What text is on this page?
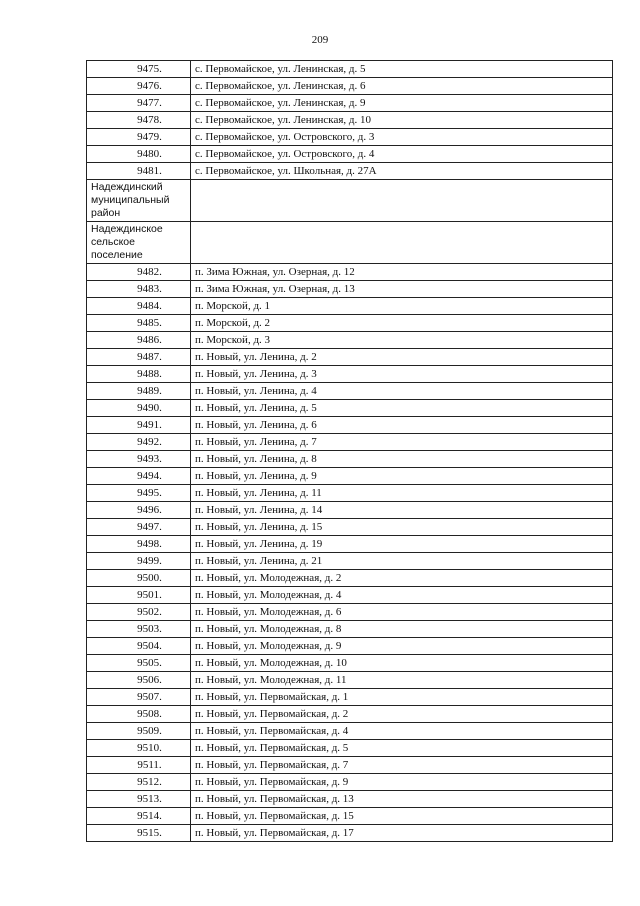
209
9475.	с. Первомайское, ул. Ленинская, д. 5
9476.	с. Первомайское, ул. Ленинская, д. 6
9477.	с. Первомайское, ул. Ленинская, д. 9
9478.	с. Первомайское, ул. Ленинская, д. 10
9479.	с. Первомайское, ул. Островского, д. 3
9480.	с. Первомайское, ул. Островского, д. 4
9481.	с. Первомайское, ул. Школьная, д. 27А
Надеждинский муниципальный район	
Надеждинское сельское поселение	
9482.	п. Зима Южная, ул. Озерная, д. 12
9483.	п. Зима Южная, ул. Озерная, д. 13
9484.	п. Морской, д. 1
9485.	п. Морской, д. 2
9486.	п. Морской, д. 3
9487.	п. Новый, ул. Ленина, д. 2
9488.	п. Новый, ул. Ленина, д. 3
9489.	п. Новый, ул. Ленина, д. 4
9490.	п. Новый, ул. Ленина, д. 5
9491.	п. Новый, ул. Ленина, д. 6
9492.	п. Новый, ул. Ленина, д. 7
9493.	п. Новый, ул. Ленина, д. 8
9494.	п. Новый, ул. Ленина, д. 9
9495.	п. Новый, ул. Ленина, д. 11
9496.	п. Новый, ул. Ленина, д. 14
9497.	п. Новый, ул. Ленина, д. 15
9498.	п. Новый, ул. Ленина, д. 19
9499.	п. Новый, ул. Ленина, д. 21
9500.	п. Новый, ул. Молодежная, д. 2
9501.	п. Новый, ул. Молодежная, д. 4
9502.	п. Новый, ул. Молодежная, д. 6
9503.	п. Новый, ул. Молодежная, д. 8
9504.	п. Новый, ул. Молодежная, д. 9
9505.	п. Новый, ул. Молодежная, д. 10
9506.	п. Новый, ул. Молодежная, д. 11
9507.	п. Новый, ул. Первомайская, д. 1
9508.	п. Новый, ул. Первомайская, д. 2
9509.	п. Новый, ул. Первомайская, д. 4
9510.	п. Новый, ул. Первомайская, д. 5
9511.	п. Новый, ул. Первомайская, д. 7
9512.	п. Новый, ул. Первомайская, д. 9
9513.	п. Новый, ул. Первомайская, д. 13
9514.	п. Новый, ул. Первомайская, д. 15
9515.	п. Новый, ул. Первомайская, д. 17
